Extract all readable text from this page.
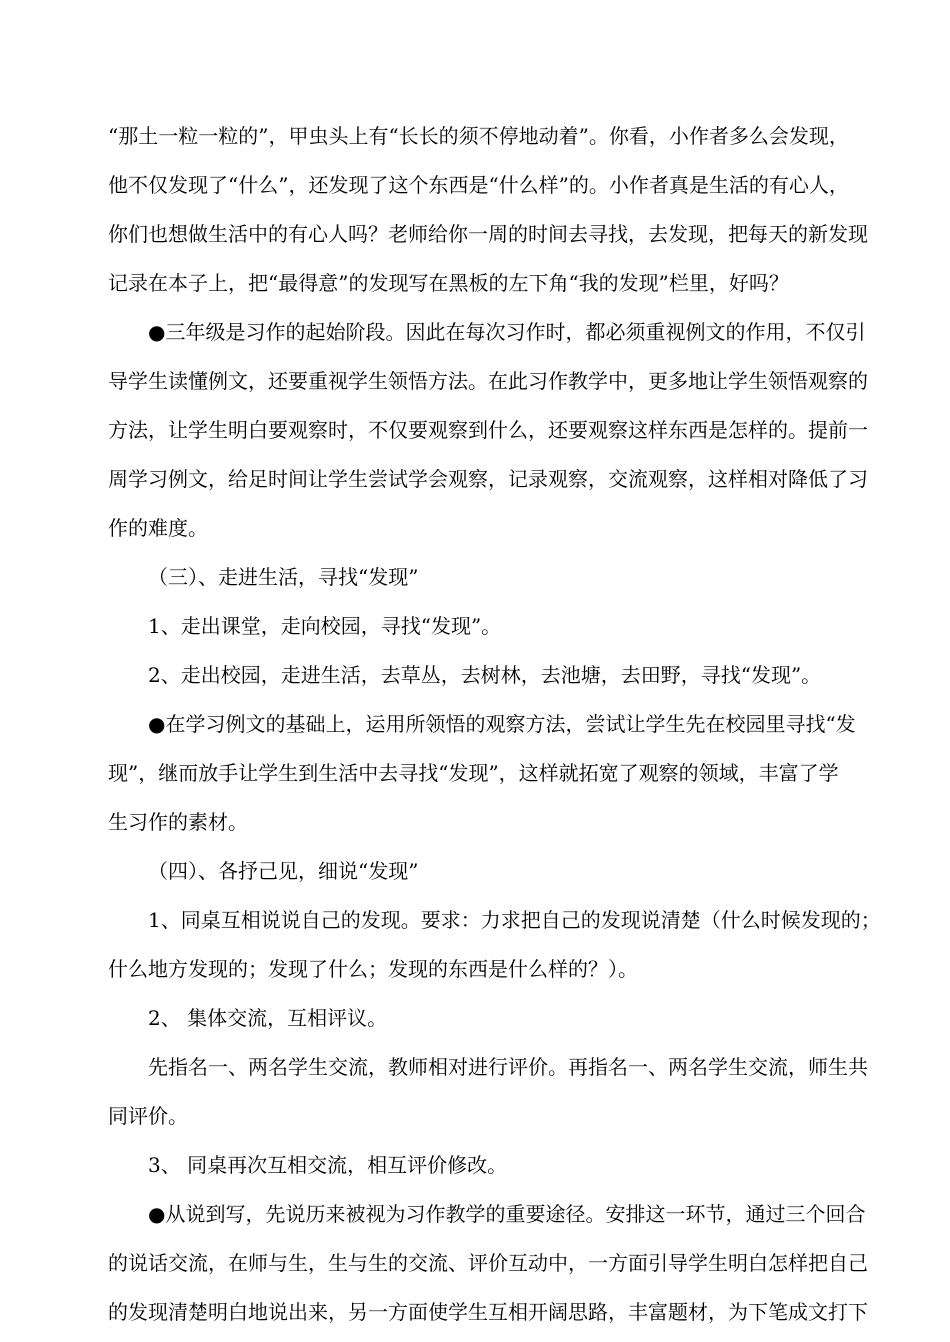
“那土一粒一粒的”，甲虫头上有“长长的须不停地动着”。你看，小作者多么会发现，
他不仅发现了“什么”，还发现了这个东西是“什么样”的。小作者真是生活的有心人，
你们也想做生活中的有心人吗？老师给你一周的时间去寻找，去发现，把每天的新发现
记录在本子上，把“最得意”的发现写在黑板的左下角“我的发现”栏里，好吗？
●三年级是习作的起始阶段。因此在每次习作时，都必须重视例文的作用，不仅引
导学生读懂例文，还要重视学生领悟方法。在此习作教学中，更多地让学生领悟观察的
方法，让学生明白要观察时，不仅要观察到什么，还要观察这样东西是怎样的。提前一
周学习例文，给足时间让学生尝试学会观察，记录观察，交流观察，这样相对降低了习
作的难度。
（三）、走进生活，寻找“发现”
1、走出课堂，走向校园，寻找“发现”。
2、走出校园，走进生活，去草丛，去树林，去池塘，去田野，寻找“发现”。
●在学习例文的基础上，运用所领悟的观察方法，尝试让学生先在校园里寻找“发
现”，继而放手让学生到生活中去寻找“发现”，这样就拓宽了观察的领域，丰富了学
生习作的素材。
（四）、各抒己见，细说“发现”
1、同桌互相说说自己的发现。要求：力求把自己的发现说清楚（什么时候发现的；
什么地方发现的；发现了什么；发现的东西是什么样的？）。
2、 集体交流，互相评议。
先指名一、两名学生交流，教师相对进行评价。再指名一、两名学生交流，师生共
同评价。
3、 同桌再次互相交流，相互评价修改。
●从说到写，先说历来被视为习作教学的重要途径。安排这一环节，通过三个回合
的说话交流，在师与生，生与生的交流、评价互动中，一方面引导学生明白怎样把自己
的发现清楚明白地说出来，另一方面使学生互相开阔思路，丰富题材，为下笔成文打下
